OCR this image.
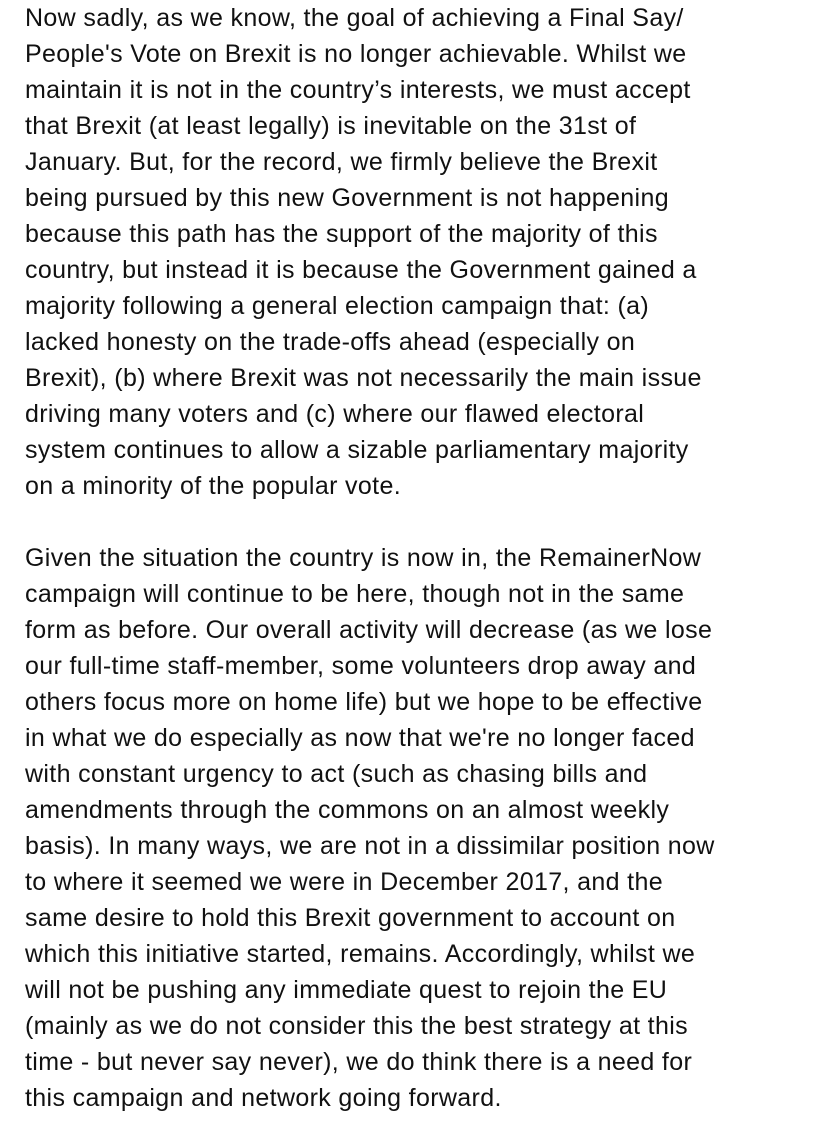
Now sadly, as we know, the goal of achieving a Final Say/
People's Vote on Brexit is no longer achievable. Whilst we
maintain it is not in the country’s interests, we must accept
that Brexit (at least legally) is inevitable on the 31st of
January. But, for the record, we firmly believe the Brexit
being pursued by this new Government is not happening
because this path has the support of the majority of this
country, but instead it is because the Government gained a
majority following a general election campaign that: (a)
lacked honesty on the trade-offs ahead (especially on
Brexit), (b) where Brexit was not necessarily the main issue
driving many voters and (c) where our flawed electoral
system continues to allow a sizable parliamentary majority
on a minority of the popular vote.

Given the situation the country is now in, the RemainerNow
campaign will continue to be here, though not in the same
form as before. Our overall activity will decrease (as we lose
our full-time staff-member, some volunteers drop away and
others focus more on home life) but we hope to be effective
in what we do especially as now that we're no longer faced
with constant urgency to act (such as chasing bills and
amendments through the commons on an almost weekly
basis). In many ways, we are not in a dissimilar position now
to where it seemed we were in December 2017, and the
same desire to hold this Brexit government to account on
which this initiative started, remains. Accordingly, whilst we
will not be pushing any immediate quest to rejoin the EU
(mainly as we do not consider this the best strategy at this
time - but never say never), we do think there is a need for
this campaign and network going forward.
